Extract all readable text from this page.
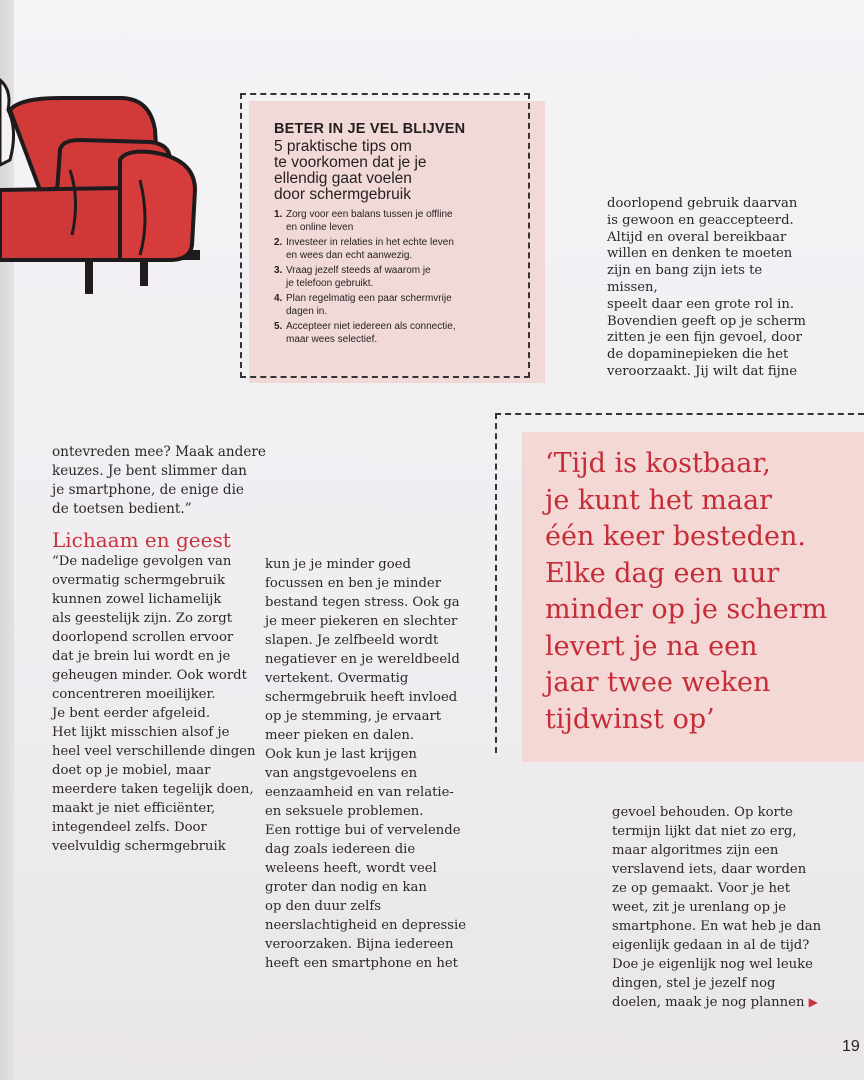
BETER IN JE VEL BLIJVEN
5 praktische tips om
te voorkomen dat je je
ellendig gaat voelen
door schermgebruik
1. Zorg voor een balans tussen je offline
en online leven
2. Investeer in relaties in het echte leven
en wees dan echt aanwezig.
3. Vraag jezelf steeds af waarom je
je telefoon gebruikt.
4. Plan regelmatig een paar schermvrije
dagen in.
5. Accepteer niet iedereen als connectie,
maar wees selectief.

doorlopend gebruik daarvan

is gewoon en geaccepteerd.

Altijd en overal bereikbaar

willen en denken te moeten

zijn en bang zijn iets te missen,

speelt daar een grote rol in.

Bovendien geeft op je scherm

zitten je een fijn gevoel, door

de dopaminepieken die het

veroorzaakt. Jij wilt dat fijne

ontevreden mee? Maak andere

keuzes. Je bent slimmer dan

je smartphone, de enige die

de toetsen bedient.”

Lichaam en geest

“De nadelige gevolgen van

overmatig schermgebruik

kunnen zowel lichamelijk

als geestelijk zijn. Zo zorgt

doorlopend scrollen ervoor

dat je brein lui wordt en je

geheugen minder. Ook wordt

concentreren moeilijker.

Je bent eerder afgeleid.

Het lijkt misschien alsof je

heel veel verschillende dingen

doet op je mobiel, maar

meerdere taken tegelijk doen,

maakt je niet efficiënter,

integendeel zelfs. Door

veelvuldig schermgebruik

kun je je minder goed

focussen en ben je minder

bestand tegen stress. Ook ga

je meer piekeren en slechter

slapen. Je zelfbeeld wordt

negatiever en je wereldbeeld

vertekent. Overmatig

schermgebruik heeft invloed

op je stemming, je ervaart

meer pieken en dalen.

Ook kun je last krijgen

van angstgevoelens en

eenzaamheid en van relatie-

en seksuele problemen.

Een rottige bui of vervelende

dag zoals iedereen die

weleens heeft, wordt veel

groter dan nodig en kan

op den duur zelfs

neerslachtigheid en depressie

veroorzaken. Bijna iedereen

heeft een smartphone en het

‘Tijd is kostbaar,
je kunt het maar
één keer besteden.
Elke dag een uur
minder op je scherm
levert je na een
jaar twee weken
tijdwinst op’

gevoel behouden. Op korte

termijn lijkt dat niet zo erg,

maar algoritmes zijn een

verslavend iets, daar worden

ze op gemaakt. Voor je het

weet, zit je urenlang op je

smartphone. En wat heb je dan

eigenlijk gedaan in al de tijd?

Doe je eigenlijk nog wel leuke

dingen, stel je jezelf nog

doelen, maak je nog plannen ▶

19
